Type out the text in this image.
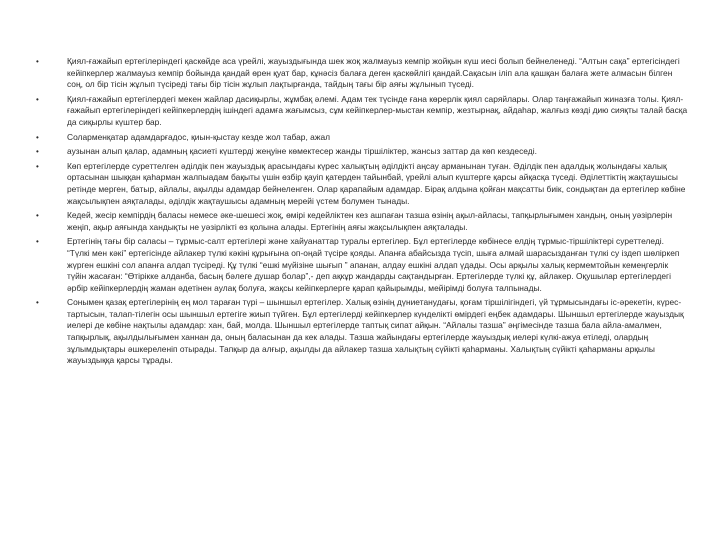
•	Қиял-ғажайып ертегілеріндегі қаскөйде аса үрейлі, жауыздығында шек жоқ жалмауыз кемпір жойқын күш иесі болып бейнеленеді. “Алтын сақа” ертегісіндегі кейіпкерлер жалмауыз кемпір бойында қандай өрен қуат бар, кұнәсіз балаға деген қаскөйлігі қандай.Сақасын іліп ала қашқан балаға жете алмасын білген соң, ол бір тісін жұлып түсіреді тағы бір тісін жұлып лақтырғанда, тайдың тағы бір аяғы жұлынып түседі.
•	Қиял-ғажайып ертегілердегі мекен жайлар дасиқырлы, жұмбақ әлемі. Адам тек түсінде ғана көрерлік қиял саряйлары. Олар таңғажайып жиназға толы. Қиял-ғажайып ертегілеріндегі кейіпкерлердің ішіндегі адамға жағымсыз, сұм кейіпкерлер-мыстан кемпір, жезтырнақ, айдаһар, жалғыз көзді дию сияқты талай басқа да сиқырлы күштер бар.
•	Соларменқатар адамдарғадос, қиын-қыстау кезде жол табар, ажал
•	аузынан алып қалар, адамның қасиеті күштерді жеңуіне көмектесер жанды тіршіліктер, жансыз заттар да көп кездеседі.
•	Көп ертегілерде суреттелген әділдік пен жауыздық арасындағы күрес халықтың әділдікті аңсау арманынан туған. Әділдік пен адалдық жолындағы халық ортасынан шыққан қаһарман жалпыадам бақыты үшін өзбір қауіп қатерден тайынбай, үрейлі алып күштерге қарсы айқасқа түседі. Әділеттіктің жақтаушысы ретінде мерген, батыр, айлалы, ақылды адамдар бейнеленген. Олар қарапайым адамдар. Бірақ алдына қойған мақсатты биік, сондықтан да ертегілер көбіне жақсылықпен аяқталады, әділдік жақтаушысы адамның мерейі үстем болумен тынады.
•	Кедей, жесір кемпірдің баласы немесе әке-шешесі жоқ, өмірі кедейліктен кез ашпаған тазша өзінің ақыл-айласы, тапқырлығымен хандың, оның уәзірлерін жеңіп, ақыр аяғында хандықты не уәзірлікті өз қолына алады. Ертегінің аяғы жақсылықпен аяқталады.
•	Ертегінің тағы бір саласы – тұрмыс-салт ертегілері және хайуанаттар туралы ертегілер. Бұл ертегілерде көбінесе елдің тұрмыс-тіршіліктері суреттеледі. “Түлкі мен кәкі” ертегісінде айлакер түлкі кәкіні құрығына оп-оңай түсіре қояды. Апанға абайсызда түсіп, шыға алмай шарасызданған түлкі су іздеп шөліркеп жүрген ешкіні сол апанға алдап түсіреді. Құ түлкі “ешкі мүйізіне шығып ” апанан, алдау ешкіні алдап үдады. Осы арқылы халық кермемтойын кемеңгерлік түйін жасаған: “Өтірікке алданба, басың бәлеге душар болар”,- деп ақкұр жандарды сақтандырған. Ертегілерде түлкі құ, айлакер. Оқушылар ертегілердегі әрбір кейіпкерлердің жаман әдетінен аулақ болуға, жақсы кейіпкерлерге қарап қайырымды, мейірімді болуға талпынады.
•	Сонымен қазақ ертегілерінің ең мол тараған түрі – шыншыл ертегілер. Халық өзінің дүниетанудағы, қоғам тіршілігіндегі, үй тұрмысындағы іс-әрекетін, күрес-тартысын, талап-тілегін осы шыншыл ертегіге жиып түйген. Бұл ертегілерді кейіпкерлер күнделікті өмірдегі еңбек адамдары. Шыншыл ертегілерде жауыздық иелері де көбіне нақтылы адамдар: хан, бай, молда. Шыншыл ертегілерде таптық сипат айқын. “Айлалы тазша” әңгімесінде тазша бала айла-амалмен, тапқырлық, ақылдылығымен ханнан да, оның баласынан да кек алады. Тазша жайындағы ертегілерде жауыздық иелері күлкі-ажуа етіледі, олардың зұлымдықтары әшкереленіп отырады. Тапқыр да алғыр, ақылды да айлакер тазша халықтың сүйікті қаһарманы. Халықтың сүйікті қаһарманы арқылы жауыздыққа қарсы тұрады.
